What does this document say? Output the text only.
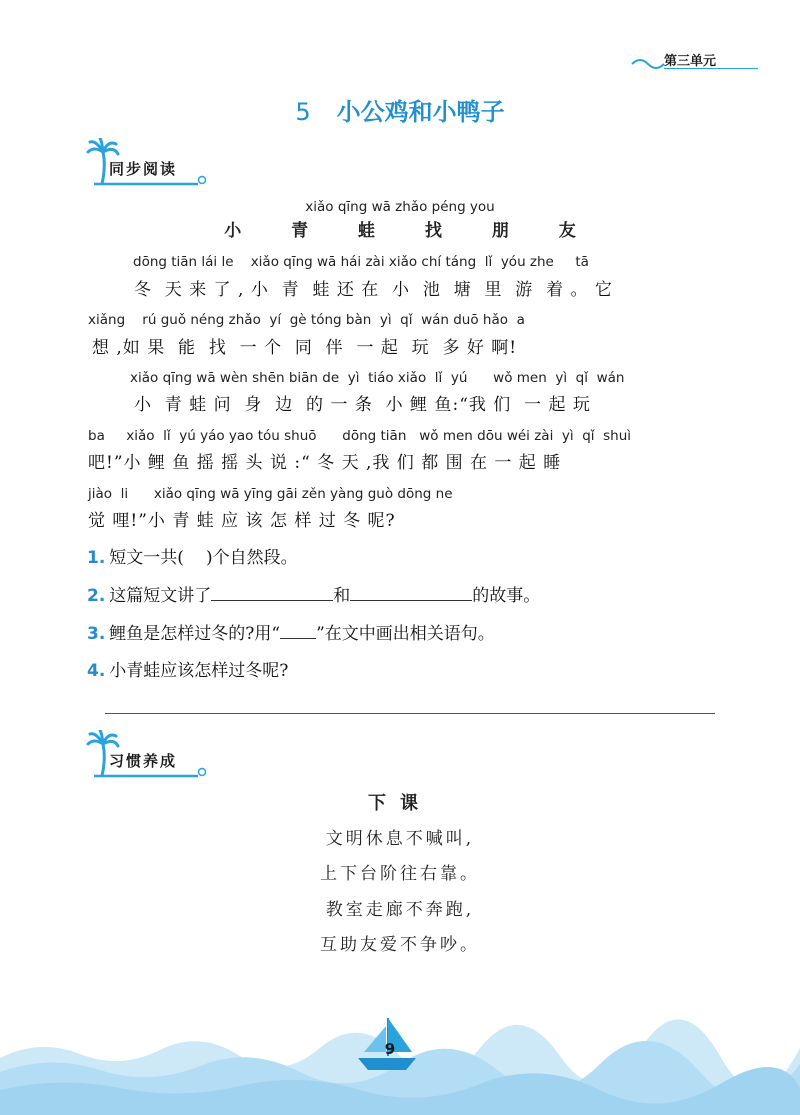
第三单元
5 小公鸡和小鸭子
同步阅读
xiǎo qīng wā zhǎo péng you
小 青 蛙 找 朋 友
dōng tiān lái le    xiǎo qīng wā hái zài xiǎo chí táng  lǐ  yóu zhe     tā
冬  天 来 了 , 小  青  蛙 还 在  小  池  塘  里  游  着 。 它
xiǎng    rú guǒ néng zhǎo  yí  gè tóng bàn  yì  qǐ  wán duō hǎo  a
想 ,如 果  能  找  一 个  同  伴  一 起  玩  多 好 啊!
xiǎo qīng wā wèn shēn biān de  yì  tiáo xiǎo  lǐ  yú      wǒ men  yì  qǐ  wán
小  青 蛙 问  身  边  的 一 条  小 鲤 鱼:“我 们  一 起 玩
ba     xiǎo  lǐ  yú yáo yao tóu shuō      dōng tiān   wǒ men dōu wéi zài  yì  qǐ  shuì
吧!”小 鲤 鱼 摇 摇 头 说 :“ 冬 天 ,我 们 都 围 在 一 起 睡
jiào  li      xiǎo qīng wā yīng gāi zěn yàng guò dōng ne
觉 哩!”小 青 蛙 应 该 怎 样 过 冬 呢?
1. 短文一共( )个自然段。
2. 这篇短文讲了	和	的故事。
3. 鲤鱼是怎样过冬的?用“ ”在文中画出相关语句。
4. 小青蛙应该怎样过冬呢?
习惯养成
下课
文明休息不喊叫,
上下台阶往右靠。
教室走廊不奔跑,
互助友爱不争吵。
9
